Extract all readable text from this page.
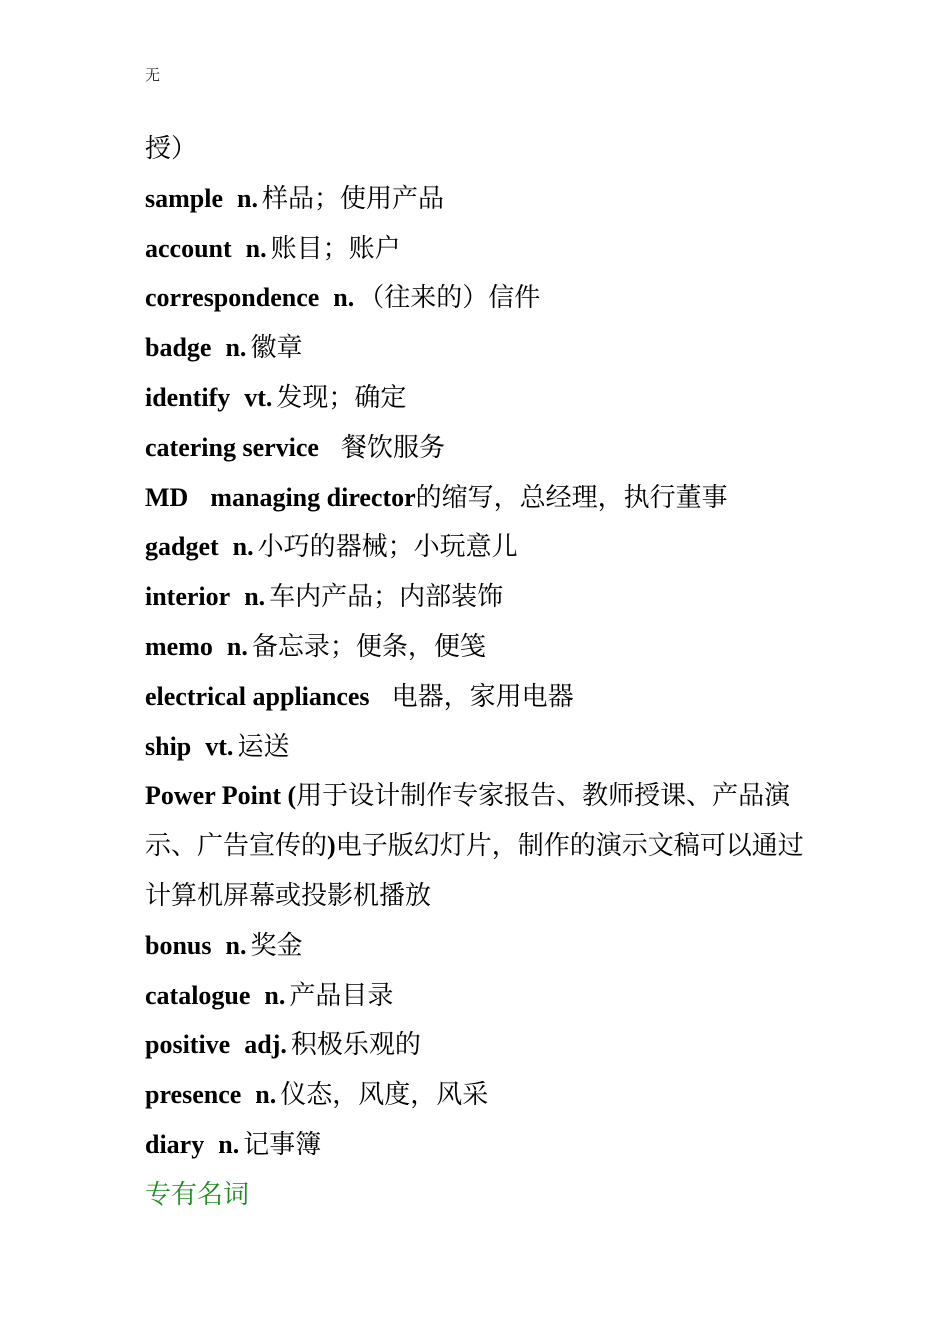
无
授）
sample n. 样品；使用产品
account n. 账目；账户
correspondence n. （往来的）信件
badge n. 徽章
identify vt. 发现；确定
catering service 餐饮服务
MD managing director的缩写，总经理，执行董事
gadget n. 小巧的器械；小玩意儿
interior n. 车内产品；内部装饰
memo n. 备忘录；便条，便笺
electrical appliances 电器，家用电器
ship vt. 运送
Power Point (用于设计制作专家报告、教师授课、产品演示、广告宣传的)电子版幻灯片，制作的演示文稿可以通过计算机屏幕或投影机播放
bonus n. 奖金
catalogue n. 产品目录
positive adj. 积极乐观的
presence n. 仪态，风度，风采
diary n. 记事簿
专有名词
